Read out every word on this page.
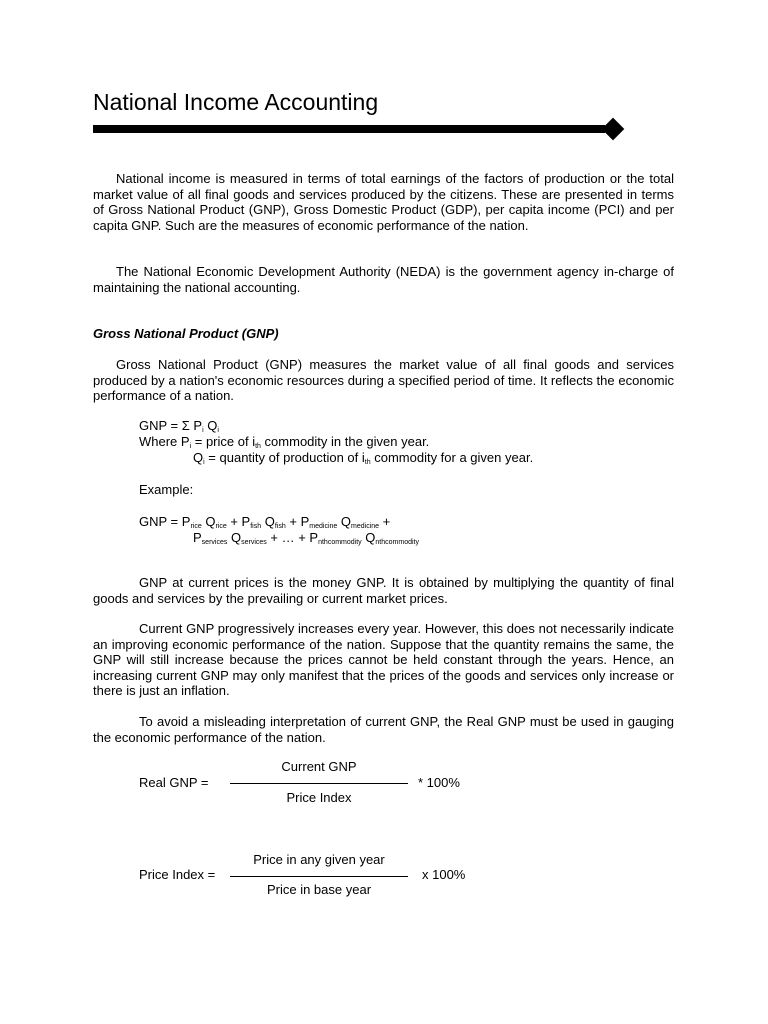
National Income Accounting
National income is measured in terms of total earnings of the factors of production or the total market value of all final goods and services produced by the citizens. These are presented in terms of Gross National Product (GNP), Gross Domestic Product (GDP), per capita income (PCI) and per capita GNP. Such are the measures of economic performance of the nation.
The National Economic Development Authority (NEDA) is the government agency in-charge of maintaining the national accounting.
Gross National Product (GNP)
Gross National Product (GNP) measures the market value of all final goods and services produced by a nation's economic resources during a specified period of time. It reflects the economic performance of a nation.
GNP = Σ $P_i$ $Q_i$
Where $P_i$ = price of $i_{th}$ commodity in the given year.
$Q_i$ = quantity of production of $i_{th}$ commodity for a given year.
Example:
GNP = $P_{rice}$ $Q_{rice} + P_{fish}$ $Q_{fish} + P_{medicine}$ $Q_{medicine}$ +
$P_{services}$ $Q_{services}$ + … + $P_{nthcommodity}$ $Q_{nthcommodity}$
GNP at current prices is the money GNP. It is obtained by multiplying the quantity of final goods and services by the prevailing or current market prices.
Current GNP progressively increases every year. However, this does not necessarily indicate an improving economic performance of the nation. Suppose that the quantity remains the same, the GNP will still increase because the prices cannot be held constant through the years. Hence, an increasing current GNP may only manifest that the prices of the goods and services only increase or there is just an inflation.
To avoid a misleading interpretation of current GNP, the Real GNP must be used in gauging the economic performance of the nation.
Real GNP =
Current GNP
Price Index
* 100%
Price Index =
Price in any given year
Price in base year
x 100%
